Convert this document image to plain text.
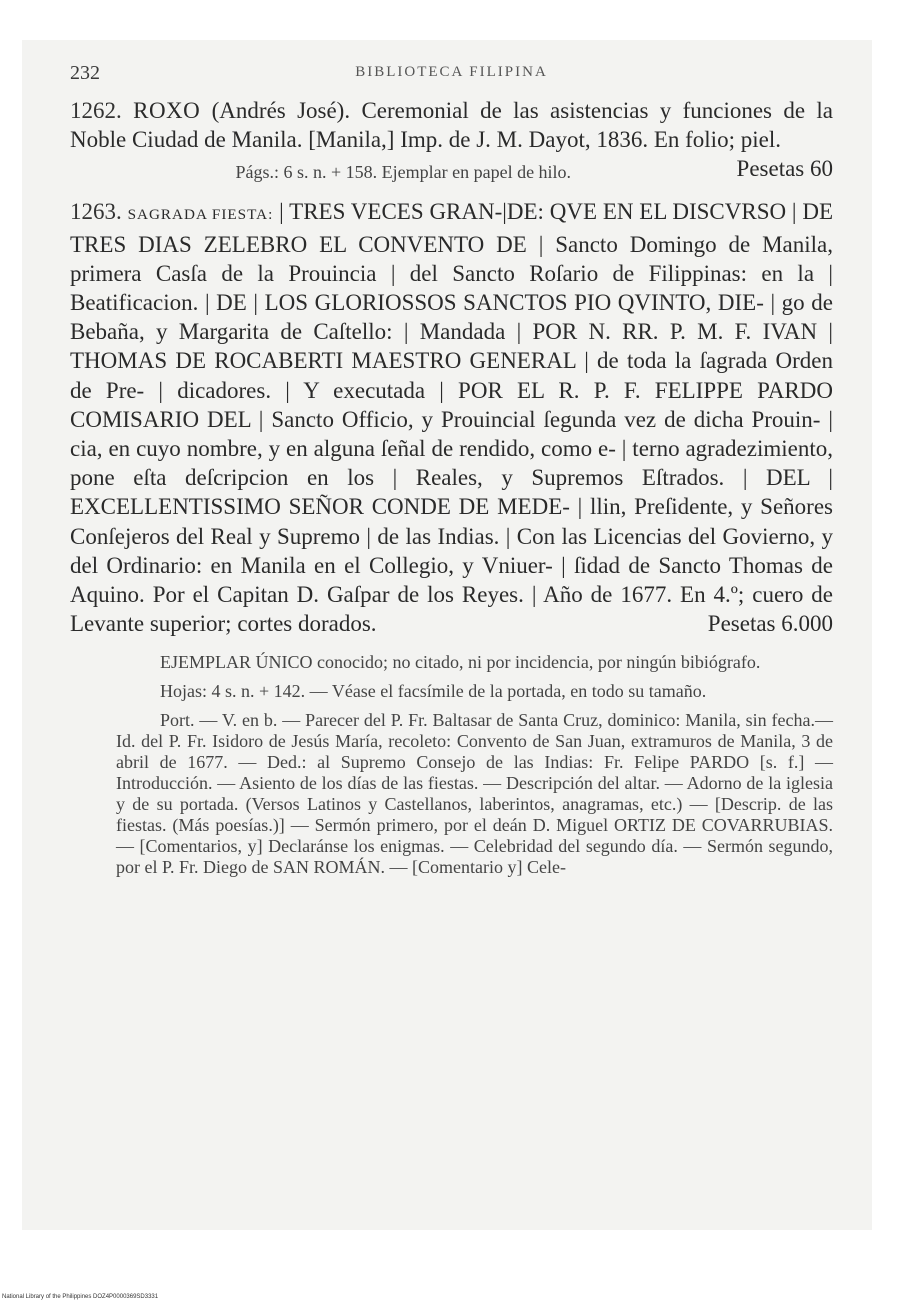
232	BIBLIOTECA FILIPINA

1262. ROXO (Andrés José). Ceremonial de las asistencias y funciones de la Noble Ciudad de Manila. [Manila,] Imp. de J. M. Dayot, 1836. En folio; piel.
Pesetas 60

Págs.: 6 s. n. + 158. Ejemplar en papel de hilo.

1263. SAGRADA FIESTA: | TRES VECES GRAN-|DE: QVE EN EL DISCVRSO | DE TRES DIAS ZELEBRO EL CONVENTO DE | Sancto Domingo de Manila, primera Casſa de la Prouincia | del Sancto Roſario de Filippinas: en la | Beatificacion. | DE | LOS GLORIOSSOS SANCTOS PIO QVINTO, DIE- | go de Bebaña, y Margarita de Caſtello: | Mandada | POR N. RR. P. M. F. IVAN | THOMAS DE ROCABERTI MAESTRO GENERAL | de toda la ſagrada Orden de Pre- | dicadores. | Y executada | POR EL R. P. F. FELIPPE PARDO COMISARIO DEL | Sancto Officio, y Prouincial ſegunda vez de dicha Prouin- | cia, en cuyo nombre, y en alguna ſeñal de rendido, como e- | terno agradezimiento, pone eſta deſcripcion en los | Reales, y Supremos Eſtrados. | DEL | EXCELLENTISSIMO SEÑOR CONDE DE MEDE- | llin, Preſidente, y Señores Conſejeros del Real y Supremo | de las Indias. | Con las Licencias del Govierno, y del Ordinario: en Manila en el Collegio, y Vniuer- | ſidad de Sancto Thomas de Aquino. Por el Capitan D. Gaſpar de los Reyes. | Año de 1677. En 4.º; cuero de Levante superior; cortes dorados.	Pesetas 6.000

EJEMPLAR ÚNICO conocido; no citado, ni por incidencia, por ningún bibiógrafo.

Hojas: 4 s. n. + 142. — Véase el facsímile de la portada, en todo su tamaño.

Port. — V. en b. — Parecer del P. Fr. Baltasar de Santa Cruz, dominico: Manila, sin fecha.— Id. del P. Fr. Isidoro de Jesús María, recoleto: Convento de San Juan, extramuros de Manila, 3 de abril de 1677. — Ded.: al Supremo Consejo de las Indias: Fr. Felipe PARDO [s. f.] — Introducción. — Asiento de los días de las fiestas. — Descripción del altar. — Adorno de la iglesia y de su portada. (Versos Latinos y Castellanos, laberintos, anagramas, etc.) — [Descrip. de las fiestas. (Más poesías.)] — Sermón primero, por el deán D. Miguel ORTIZ DE COVARRUBIAS. — [Comentarios, y] Declaránse los enigmas. — Celebridad del segundo día. — Sermón segundo, por el P. Fr. Diego de SAN ROMÁN. — [Comentario y] Cele-

National Library of the Philippines DOZ4P0000369SD3331
